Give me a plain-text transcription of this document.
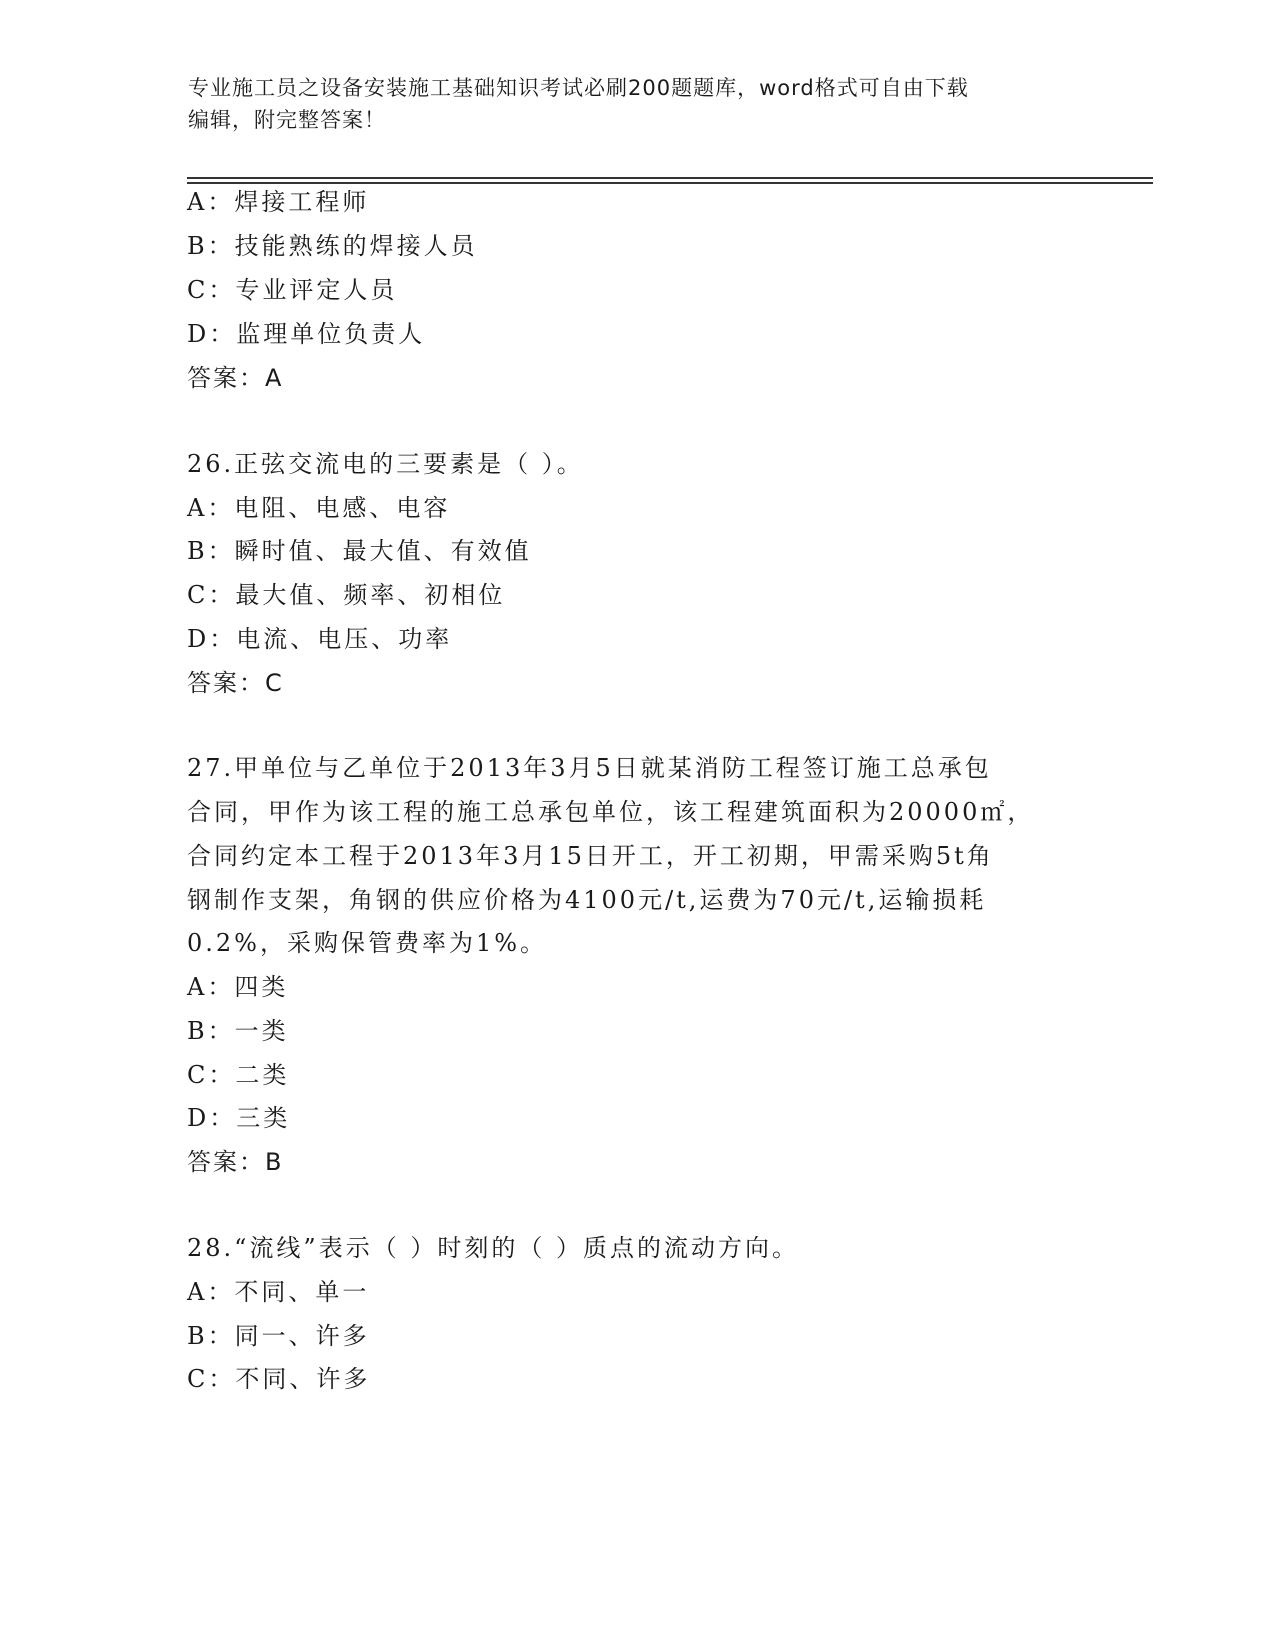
专业施工员之设备安装施工基础知识考试必刷200题题库，word格式可自由下载
编辑，附完整答案！
A：焊接工程师
B：技能熟练的焊接人员
C：专业评定人员
D：监理单位负责人
答案：A
26.正弦交流电的三要素是（ ）。
A：电阻、电感、电容
B：瞬时值、最大值、有效值
C：最大值、频率、初相位
D：电流、电压、功率
答案：C
27.甲单位与乙单位于2013年3月5日就某消防工程签订施工总承包
合同，甲作为该工程的施工总承包单位，该工程建筑面积为20000㎡，
合同约定本工程于2013年3月15日开工，开工初期，甲需采购5t角
钢制作支架，角钢的供应价格为4100元/t,运费为70元/t,运输损耗
0.2%，采购保管费率为1%。
A：四类
B：一类
C：二类
D：三类
答案：B
28.“流线”表示（ ）时刻的（ ）质点的流动方向。
A：不同、单一
B：同一、许多
C：不同、许多
